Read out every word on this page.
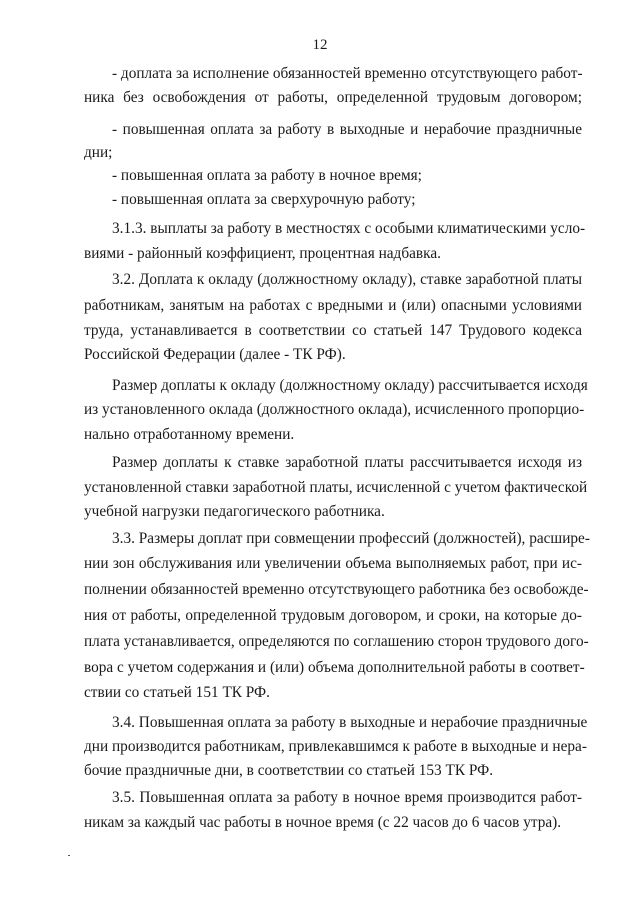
12
- доплата за исполнение обязанностей временно отсутствующего работ-
ника без освобождения от работы, определенной трудовым договором;
- повышенная оплата за работу в выходные и нерабочие праздничные
дни;
- повышенная оплата за работу в ночное время;
- повышенная оплата за сверхурочную работу;
3.1.3. выплаты за работу в местностях с особыми климатическими усло-
виями - районный коэффициент, процентная надбавка.
3.2. Доплата к окладу (должностному окладу), ставке заработной платы
работникам, занятым на работах с вредными и (или) опасными условиями
труда, устанавливается в соответствии со статьей 147 Трудового кодекса
Российской Федерации (далее - ТК РФ).
Размер доплаты к окладу (должностному окладу) рассчитывается исходя
из установленного оклада (должностного оклада), исчисленного пропорцио-
нально отработанному времени.
Размер доплаты к ставке заработной платы рассчитывается исходя из
установленной ставки заработной платы, исчисленной с учетом фактической
учебной нагрузки педагогического работника.
3.3. Размеры доплат при совмещении профессий (должностей), расшире-
нии зон обслуживания или увеличении объема выполняемых работ, при ис-
полнении обязанностей временно отсутствующего работника без освобожде-
ния от работы, определенной трудовым договором, и сроки, на которые до-
плата устанавливается, определяются по соглашению сторон трудового дого-
вора с учетом содержания и (или) объема дополнительной работы в соответ-
ствии со статьей 151 ТК РФ.
3.4. Повышенная оплата за работу в выходные и нерабочие праздничные
дни производится работникам, привлекавшимся к работе в выходные и нера-
бочие праздничные дни, в соответствии со статьей 153 ТК РФ.
3.5. Повышенная оплата за работу в ночное время производится работ-
никам за каждый час работы в ночное время (с 22 часов до 6 часов утра).
